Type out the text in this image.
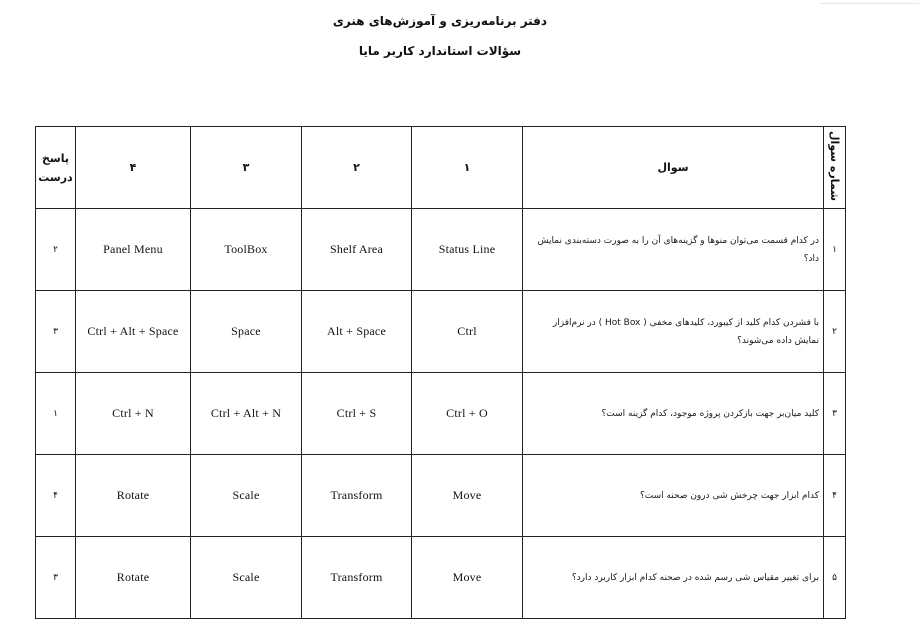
دفتر برنامه‌ریزی و آموزش‌های هنری
سؤالات استاندارد کاربر مایا
پاسخ درست	۴	۳	۲	۱	سوال	شماره سوال
۲	Panel Menu	ToolBox	Shelf Area	Status Line	در کدام قسمت می‌توان منوها و گزینه‌های آن را به صورت دسته‌بندی نمایش داد؟	۱
۳	Ctrl + Alt + Space	Space	Alt + Space	Ctrl	با فشردن کدام کلید از کیبورد، کلیدهای مخفی ( Hot Box ) در نرم‌افزار نمایش داده می‌شوند؟	۲
۱	Ctrl + N	Ctrl + Alt + N	Ctrl + S	Ctrl + O	کلید میان‌بر جهت بازکردن پروژه موجود، کدام گزینه است؟	۳
۴	Rotate	Scale	Transform	Move	کدام ابزار جهت چرخش شی درون صحنه است؟	۴
۳	Rotate	Scale	Transform	Move	برای تغییر مقیاس شی رسم شده در صحنه کدام ابزار کاربرد دارد؟	۵
